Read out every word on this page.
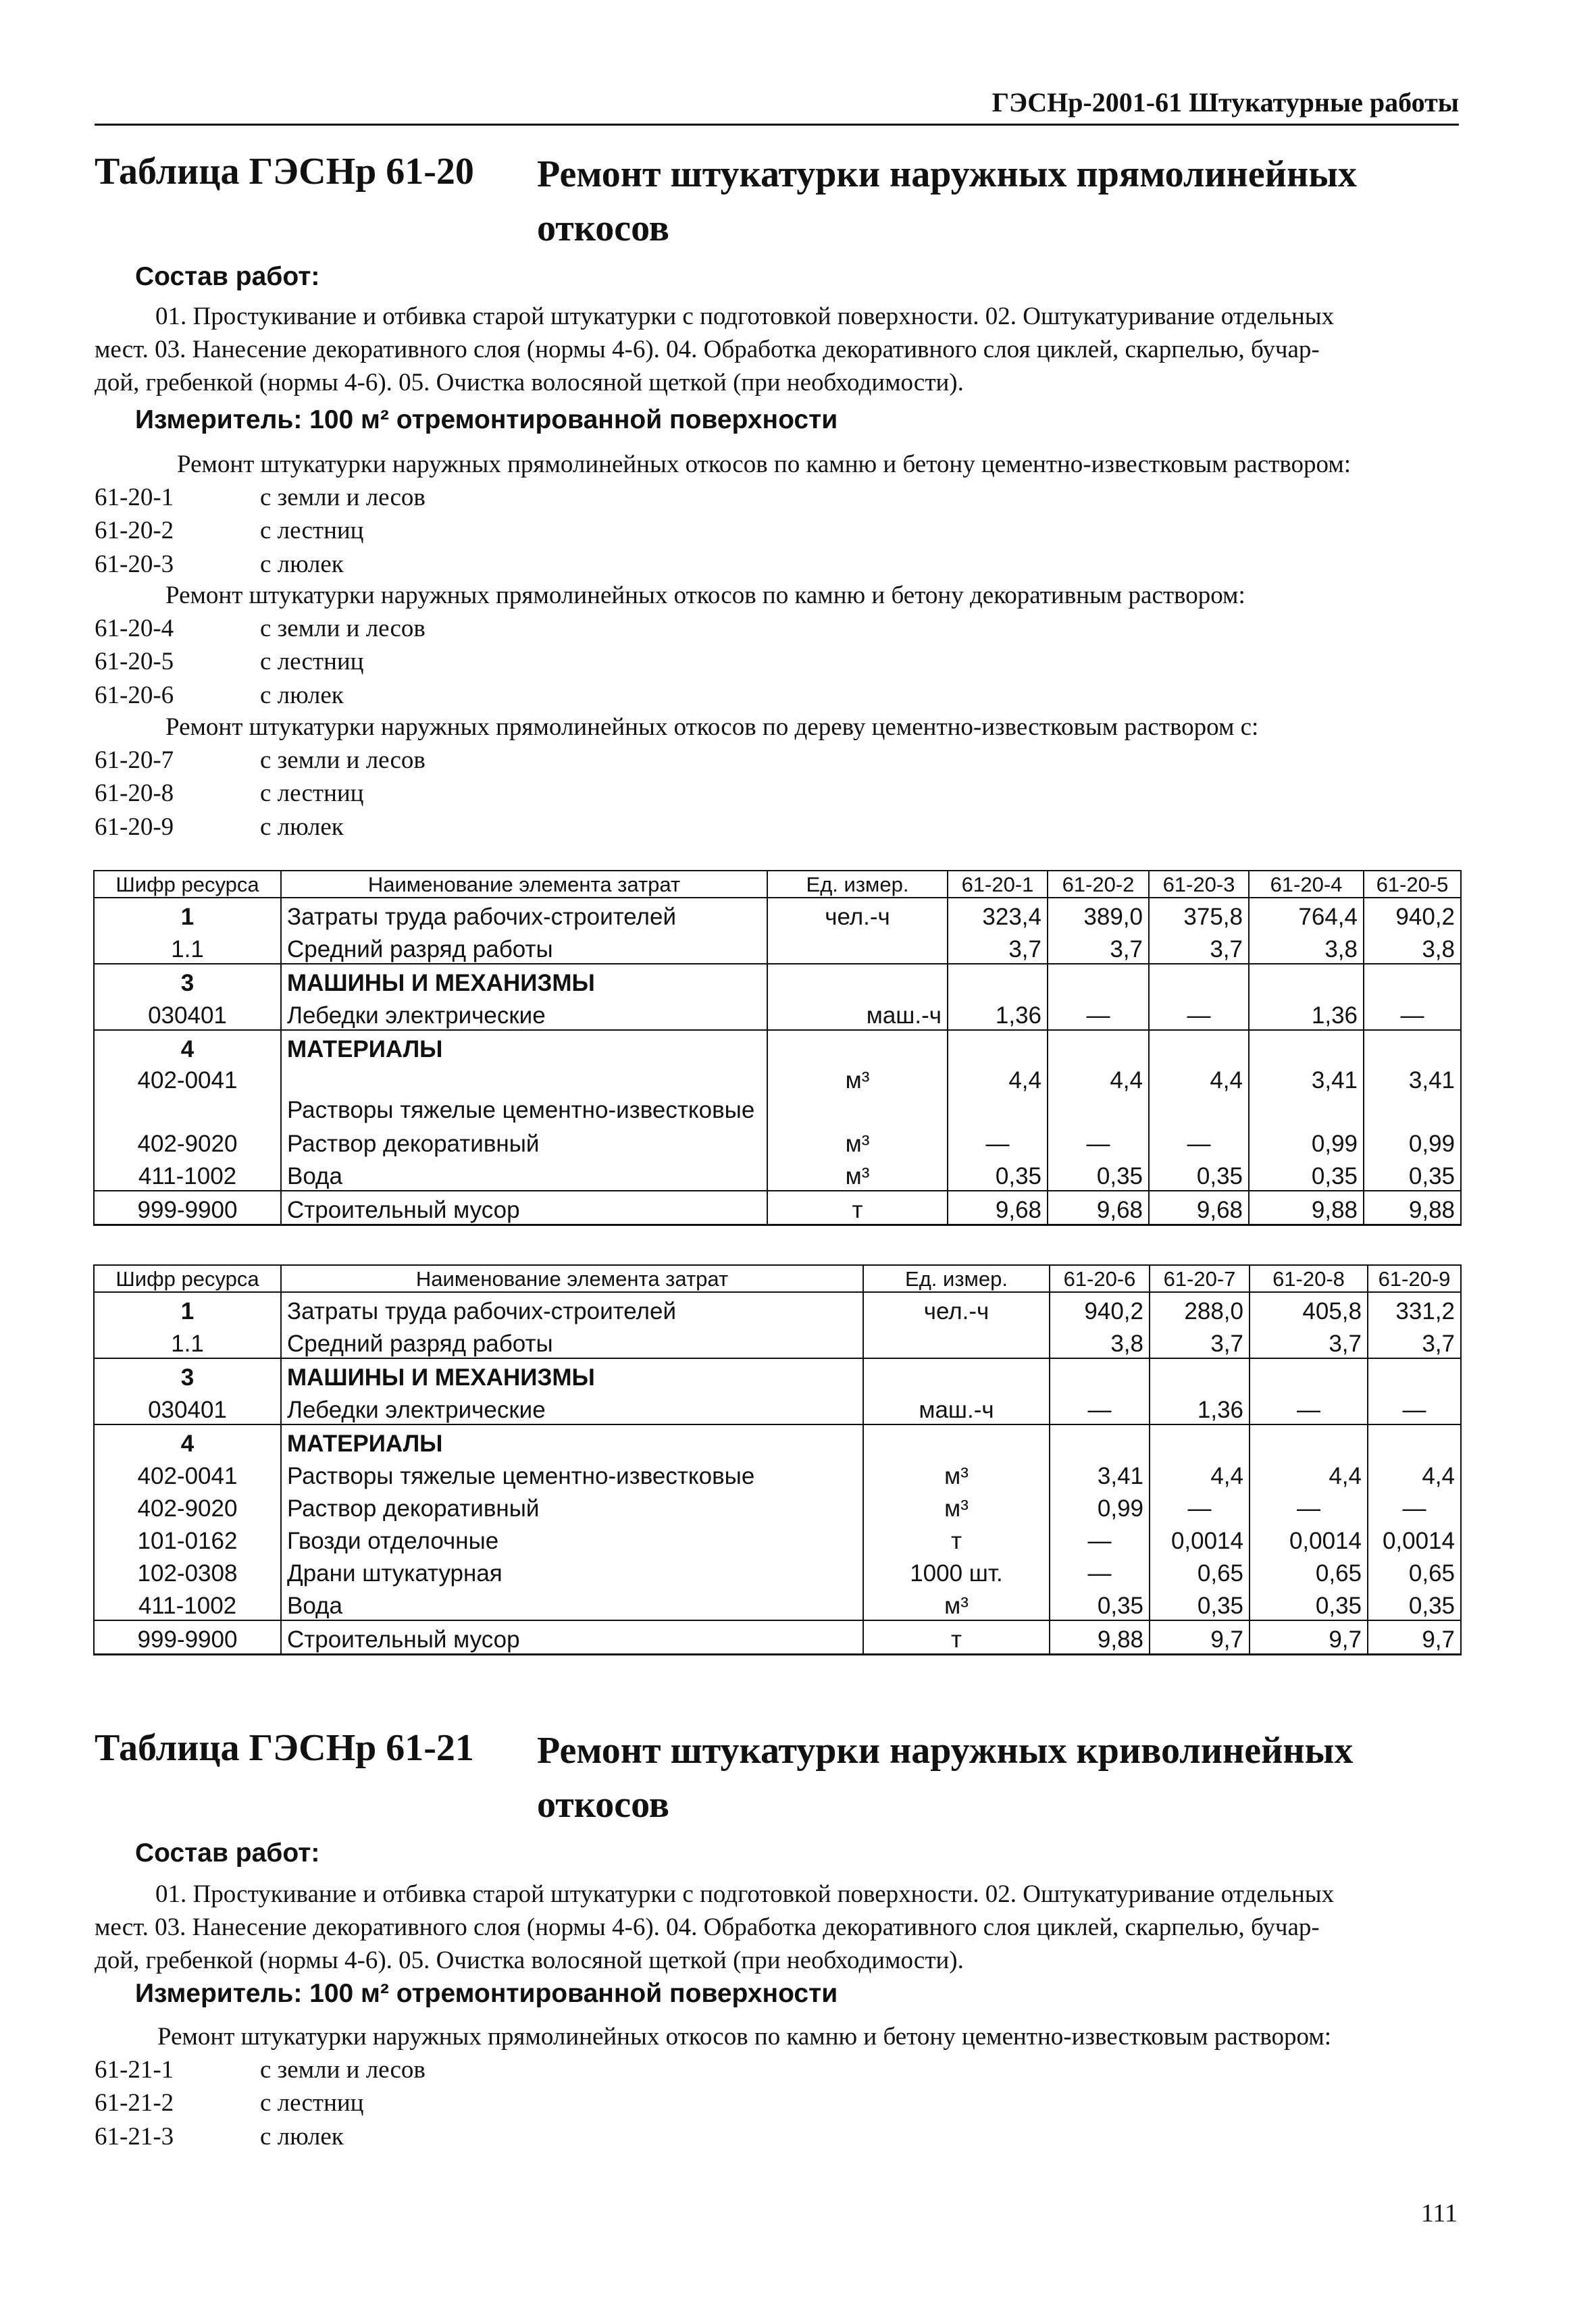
ГЭСНр-2001-61 Штукатурные работы
Таблица ГЭСНр 61-20 Ремонт штукатурки наружных прямолинейных
откосов
Состав работ:
01. Простукивание и отбивка старой штукатурки с подготовкой поверхности. 02. Оштукатуривание отдельных
мест. 03. Нанесение декоративного слоя (нормы 4-6). 04. Обработка декоративного слоя циклей, скарпелью, бучар-
дой, гребенкой (нормы 4-6). 05. Очистка волосяной щеткой (при необходимости).
Измеритель: 100 м² отремонтированной поверхности
Ремонт штукатурки наружных прямолинейных откосов по камню и бетону цементно-известковым раствором:
61-20-1	с земли и лесов
61-20-2	с лестниц
61-20-3	с люлек
Ремонт штукатурки наружных прямолинейных откосов по камню и бетону декоративным раствором:
61-20-4	с земли и лесов
61-20-5	с лестниц
61-20-6	с люлек
Ремонт штукатурки наружных прямолинейных откосов по дереву цементно-известковым раствором с:
61-20-7	с земли и лесов
61-20-8	с лестниц
61-20-9	с люлек
Шифр ресурса	Наименование элемента затрат	Ед. измер.	61-20-1	61-20-2	61-20-3	61-20-4	61-20-5
1	Затраты труда рабочих-строителей	чел.-ч	323,4	389,0	375,8	764,4	940,2
1.1	Средний разряд работы		3,7	3,7	3,7	3,8	3,8
3	МАШИНЫ И МЕХАНИЗМЫ						
030401	Лебедки электрические	маш.-ч	1,36	—	—	1,36	—
4	МАТЕРИАЛЫ						
402-0041	Растворы тяжелые цементно-известковые	м³	4,4	4,4	4,4	3,41	3,41
402-9020	Раствор декоративный	м³	—	—	—	0,99	0,99
411-1002	Вода	м³	0,35	0,35	0,35	0,35	0,35
999-9900	Строительный мусор	т	9,68	9,68	9,68	9,88	9,88
Шифр ресурса	Наименование элемента затрат	Ед. измер.	61-20-6	61-20-7	61-20-8	61-20-9
1	Затраты труда рабочих-строителей	чел.-ч	940,2	288,0	405,8	331,2
1.1	Средний разряд работы		3,8	3,7	3,7	3,7
3	МАШИНЫ И МЕХАНИЗМЫ					
030401	Лебедки электрические	маш.-ч	—	1,36	—	—
4	МАТЕРИАЛЫ					
402-0041	Растворы тяжелые цементно-известковые	м³	3,41	4,4	4,4	4,4
402-9020	Раствор декоративный	м³	0,99	—	—	—
101-0162	Гвозди отделочные	т	—	0,0014	0,0014	0,0014
102-0308	Драни штукатурная	1000 шт.	—	0,65	0,65	0,65
411-1002	Вода	м³	0,35	0,35	0,35	0,35
999-9900	Строительный мусор	т	9,88	9,7	9,7	9,7
Таблица ГЭСНр 61-21 Ремонт штукатурки наружных криволинейных
откосов
Состав работ:
01. Простукивание и отбивка старой штукатурки с подготовкой поверхности. 02. Оштукатуривание отдельных
мест. 03. Нанесение декоративного слоя (нормы 4-6). 04. Обработка декоративного слоя циклей, скарпелью, бучар-
дой, гребенкой (нормы 4-6). 05. Очистка волосяной щеткой (при необходимости).
Измеритель: 100 м² отремонтированной поверхности
Ремонт штукатурки наружных прямолинейных откосов по камню и бетону цементно-известковым раствором:
61-21-1	с земли и лесов
61-21-2	с лестниц
61-21-3	с люлек
111
